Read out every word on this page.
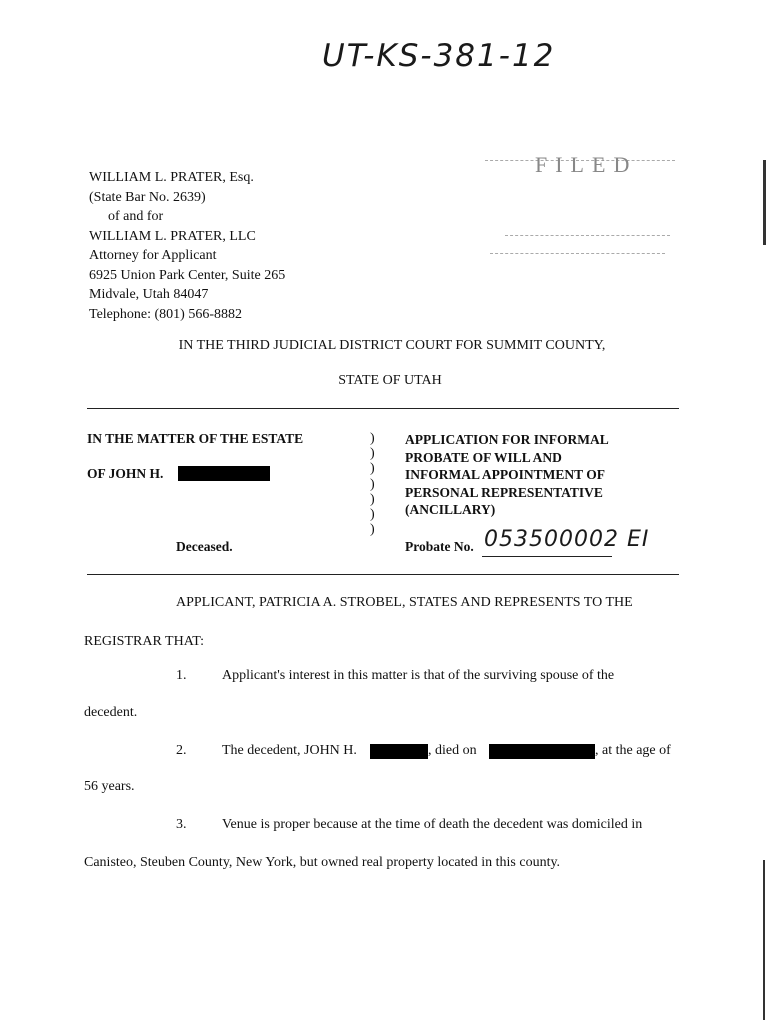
UT-KS-381-12
FILED
WILLIAM L. PRATER, Esq.
(State Bar No. 2639)
of and for
WILLIAM L. PRATER, LLC
Attorney for Applicant
6925 Union Park Center, Suite 265
Midvale, Utah 84047
Telephone: (801) 566-8882
IN THE THIRD JUDICIAL DISTRICT COURT FOR SUMMIT COUNTY,
STATE OF UTAH
IN THE MATTER OF THE ESTATE
OF JOHN H.
Deceased.
)
)
)
)
)
)
)
APPLICATION FOR INFORMAL
PROBATE OF WILL AND
INFORMAL APPOINTMENT OF
PERSONAL REPRESENTATIVE
(ANCILLARY)
Probate No. 053500002 EI
APPLICANT, PATRICIA A. STROBEL, STATES AND REPRESENTS TO THE
REGISTRAR THAT:
1.	Applicant's interest in this matter is that of the surviving spouse of the
decedent.
2.	The decedent, JOHN H.	, died on	, at the age of
56 years.
3.	Venue is proper because at the time of death the decedent was domiciled in
Canisteo, Steuben County, New York, but owned real property located in this county.
